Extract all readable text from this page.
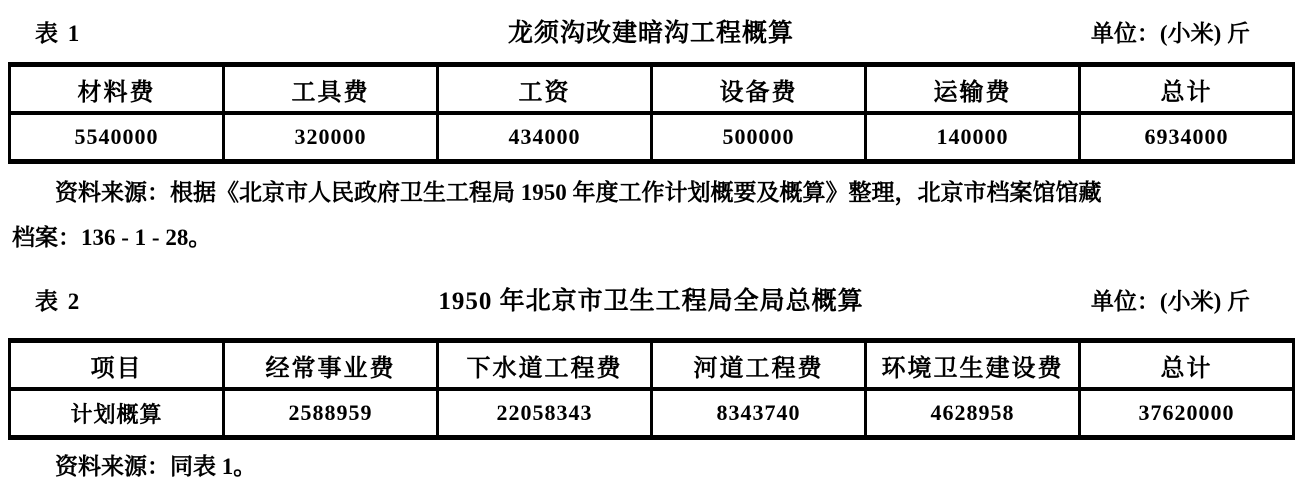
表 1	龙须沟改建暗沟工程概算	单位：(小米) 斤
材料费	工具费	工资	设备费	运输费	总计
5540000	320000	434000	500000	140000	6934000
资料来源：根据《北京市人民政府卫生工程局 1950 年度工作计划概要及概算》整理，北京市档案馆馆藏
档案：136 - 1 - 28。
表 2	1950 年北京市卫生工程局全局总概算	单位：(小米) 斤
项目	经常事业费	下水道工程费	河道工程费	环境卫生建设费	总计
计划概算	2588959	22058343	8343740	4628958	37620000
资料来源：同表 1。
